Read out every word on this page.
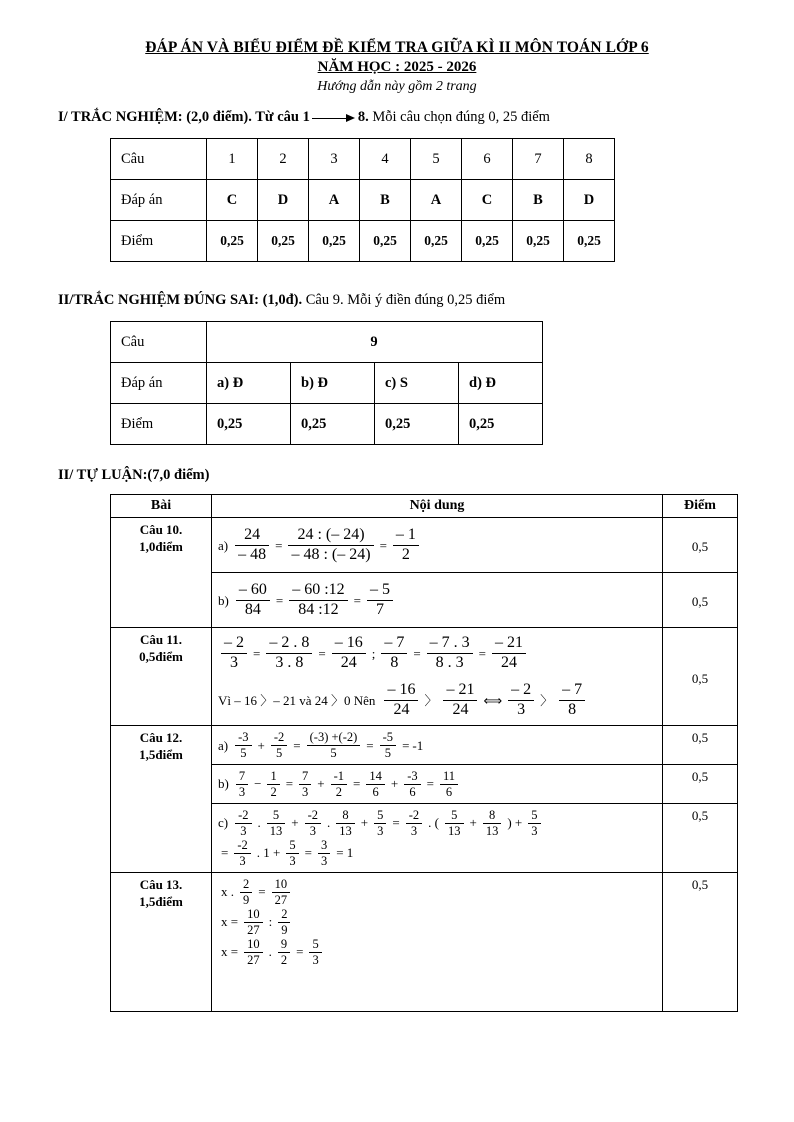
ĐÁP ÁN VÀ BIỂU ĐIỂM ĐỀ KIỂM TRA GIỮA KÌ II MÔN TOÁN LỚP 6
NĂM HỌC : 2025 - 2026
Hướng dẫn này gồm 2 trang
I/ TRẮC NGHIỆM: (2,0 điểm). Từ câu 1	8. Mỗi câu chọn đúng 0, 25 điểm
Câu	1	2	3	4	5	6	7	8
Đáp án	C	D	A	B	A	C	B	D
Điểm	0,25	0,25	0,25	0,25	0,25	0,25	0,25	0,25
II/TRẮC NGHIỆM ĐÚNG SAI: (1,0đ). Câu 9. Mỗi ý điền đúng 0,25 điểm
Câu	9			
Đáp án	a) Đ	b) Đ	c) S	d) Đ
Điểm	0,25	0,25	0,25	0,25
II/ TỰ LUẬN:(7,0 điểm)
Bài	Nội dung	Điểm

Câu 10.
1,0điểm	$a) \frac{24}{- 48} = \frac{24 : (- 24)}{- 48 : (- 24)} = \frac{- 1}{2}$	0,5

$b) \frac{- 60}{84} = \frac{- 60 :12}{84 :12} = \frac{- 5}{7}$	0,5

Câu 11.
0,5điểm	$\frac{- 2}{3} = \frac{- 2 . 8}{3 . 8} = \frac{- 16}{24}$ ; $\frac{- 7}{8} = \frac{- 7 . 3}{8 . 3} = \frac{- 21}{24}$
Vì – 16 〉– 21 và 24 〉0 Nên $\frac{- 16}{24}$ 〉 $\frac{- 21}{24}$ ⟺ $\frac{- 2}{3}$ 〉 $\frac{- 7}{8}$
	0,5

Câu 12.
1,5điểm

$a) \frac{-3}{5} + \frac{-2}{5} = \frac{(-3) +(-2)}{5} = \frac{-5}{5} = -1$	0,5

$b) \frac{7}{3} - \frac{1}{2} = \frac{7}{3} + \frac{-1}{2} = \frac{14}{6} + \frac{-3}{6} = \frac{11}{6}$	0,5

$c) \frac{-2}{3}$ . $\frac{5}{13} + \frac{-2}{3}$ . $\frac{8}{13} + \frac{5}{3} = \frac{-2}{3}$ . ( $\frac{5}{13} + \frac{8}{13}$ ) + $\frac{5}{3}$
= $\frac{-2}{3}$ . $1 + \frac{5}{3} = \frac{3}{3} = 1$
	0,5

Câu 13.
1,5điểm

x . $\frac{2}{9} = \frac{10}{27}$
$x = \frac{10}{27}$ : $\frac{2}{9}$
$x = \frac{10}{27}$ . $\frac{9}{2} = \frac{5}{3}$
	0,5
